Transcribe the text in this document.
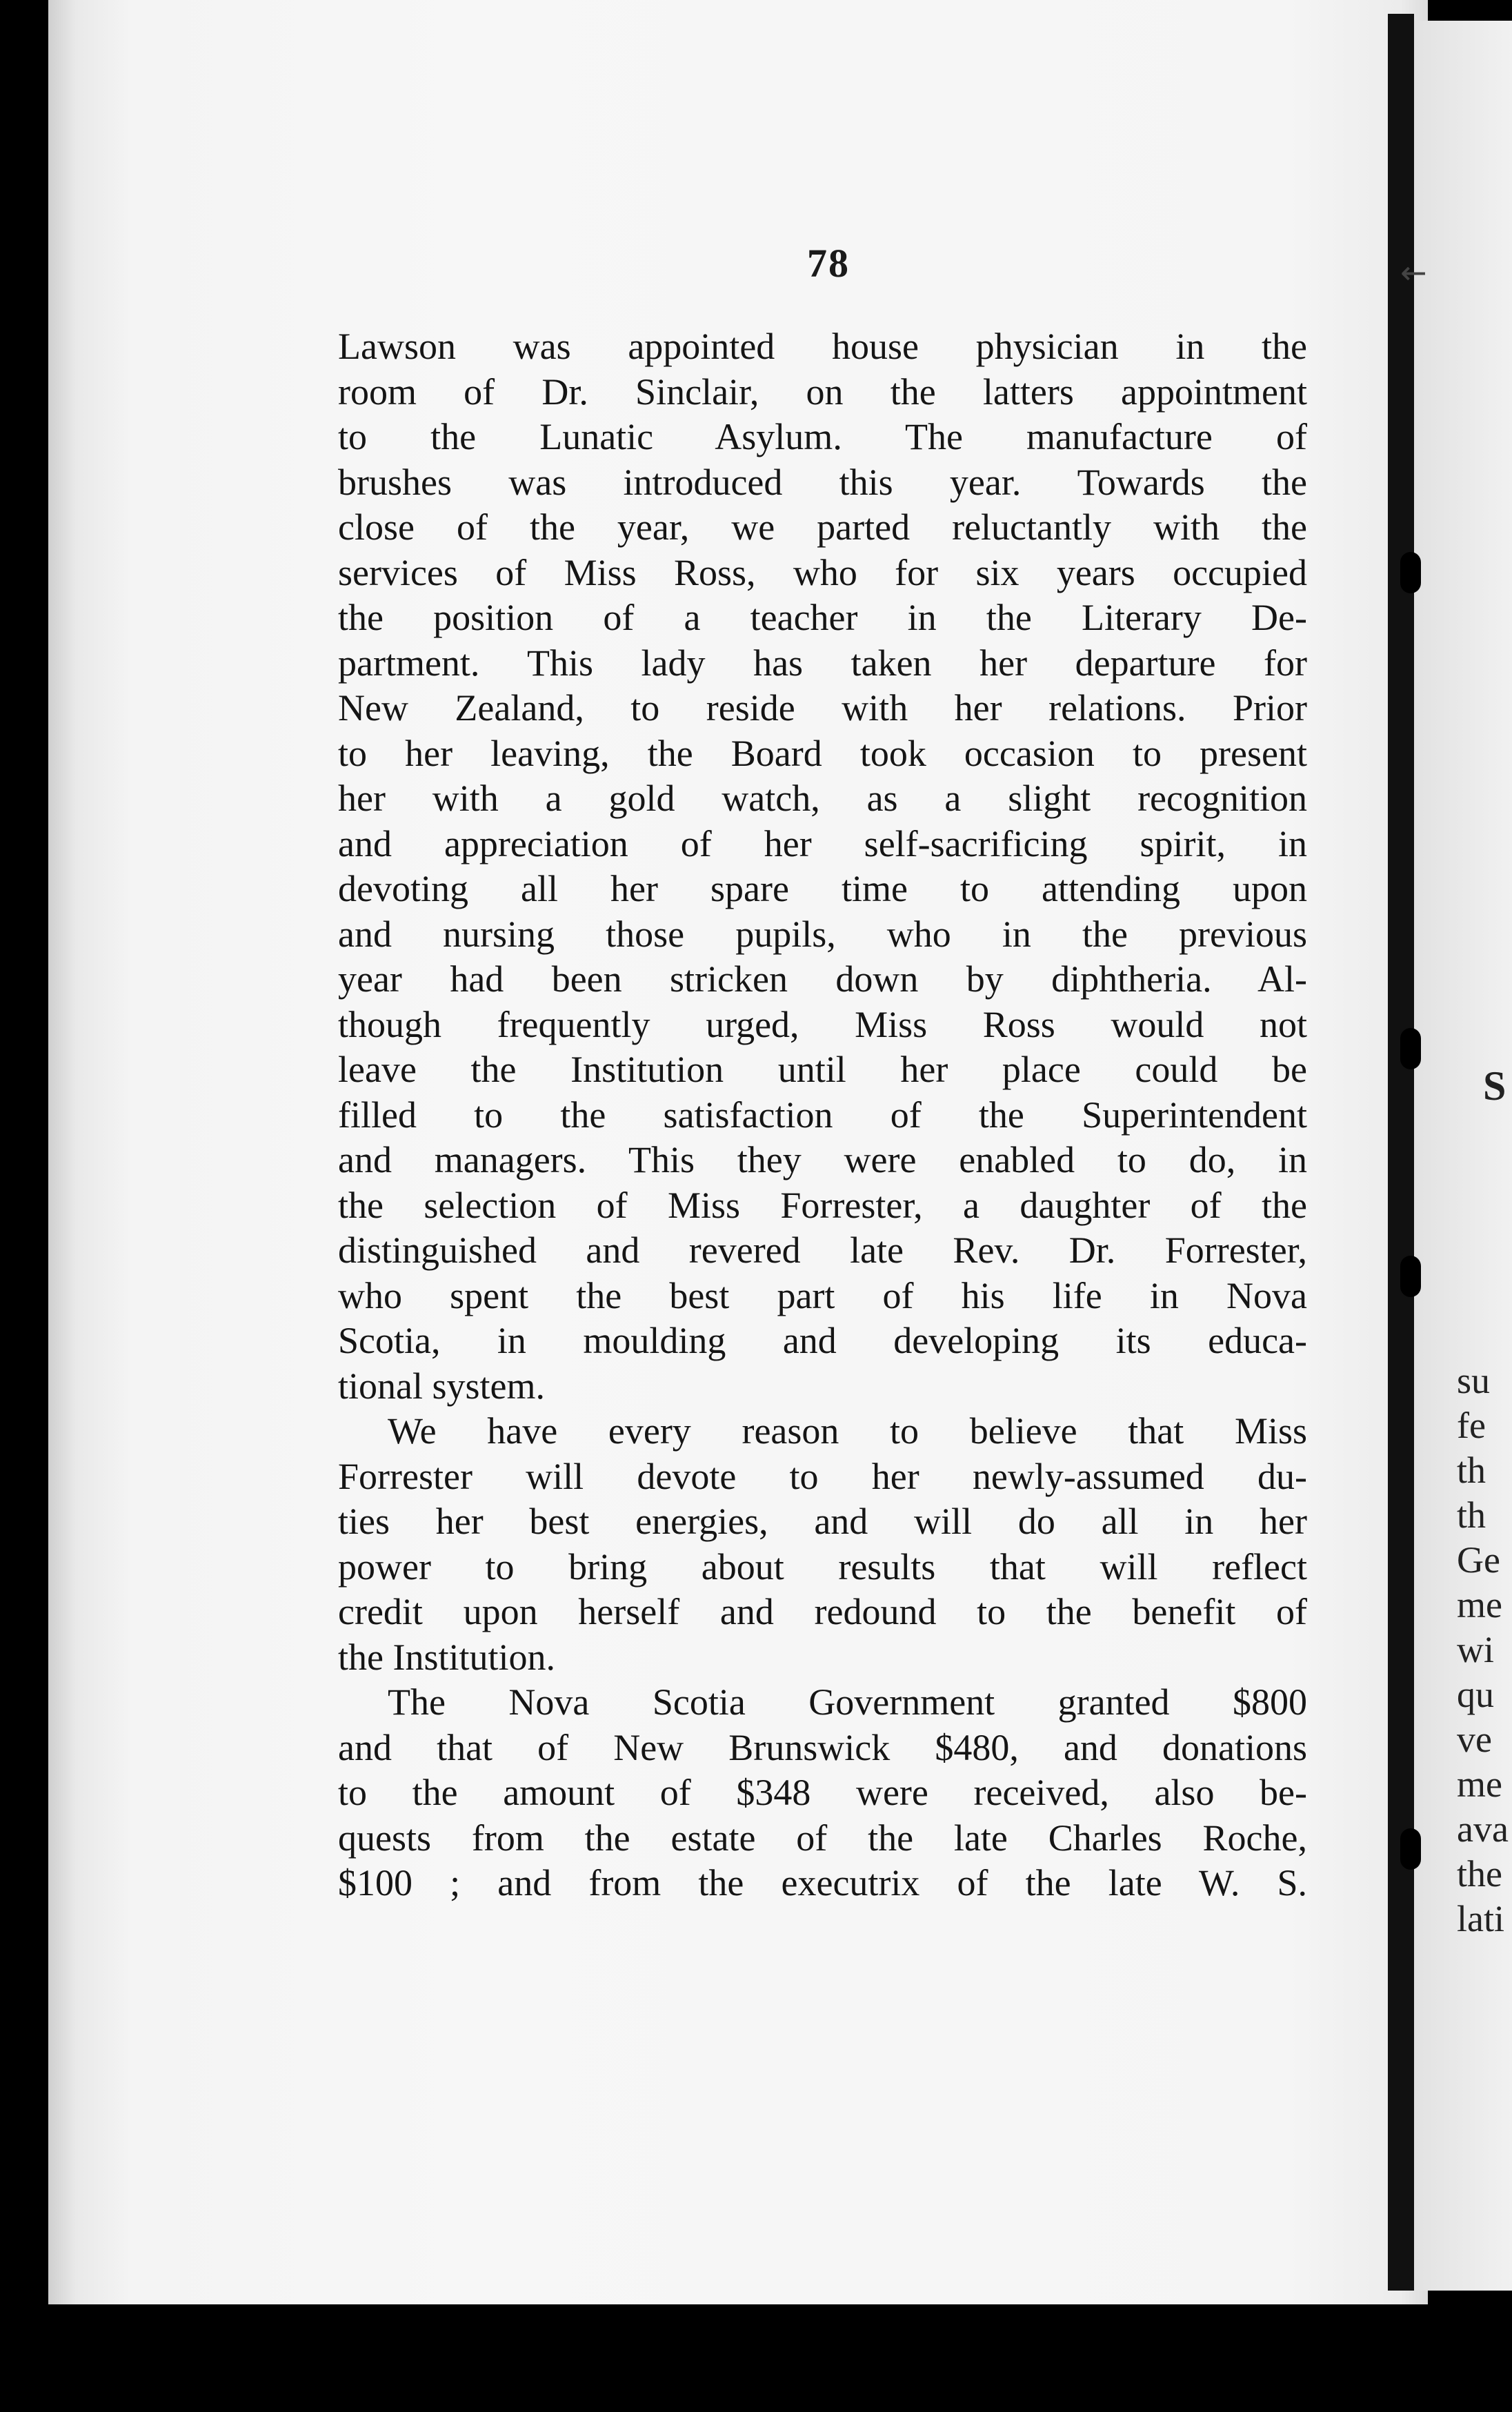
←
78
Lawson was appointed house physician in the
room of Dr. Sinclair, on the latters appointment
to the Lunatic Asylum. The manufacture of
brushes was introduced this year. Towards the
close of the year, we parted reluctantly with the
services of Miss Ross, who for six years occupied
the position of a teacher in the Literary De-
partment. This lady has taken her departure for
New Zealand, to reside with her relations. Prior
to her leaving, the Board took occasion to present
her with a gold watch, as a slight recognition
and appreciation of her self-sacrificing spirit, in
devoting all her spare time to attending upon
and nursing those pupils, who in the previous
year had been stricken down by diphtheria. Al-
though frequently urged, Miss Ross would not
leave the Institution until her place could be
filled to the satisfaction of the Superintendent
and managers. This they were enabled to do, in
the selection of Miss Forrester, a daughter of the
distinguished and revered late Rev. Dr. Forrester,
who spent the best part of his life in Nova
Scotia, in moulding and developing its educa-
tional system.
We have every reason to believe that Miss
Forrester will devote to her newly-assumed du-
ties her best energies, and will do all in her
power to bring about results that will reflect
credit upon herself and redound to the benefit of
the Institution.
The Nova Scotia Government granted $800
and that of New Brunswick $480, and donations
to the amount of $348 were received, also be-
quests from the estate of the late Charles Roche,
$100 ; and from the executrix of the late W. S.
S
su
fe
th
th
Ge
me
wi
qu
ve
me
ava
the
lati
